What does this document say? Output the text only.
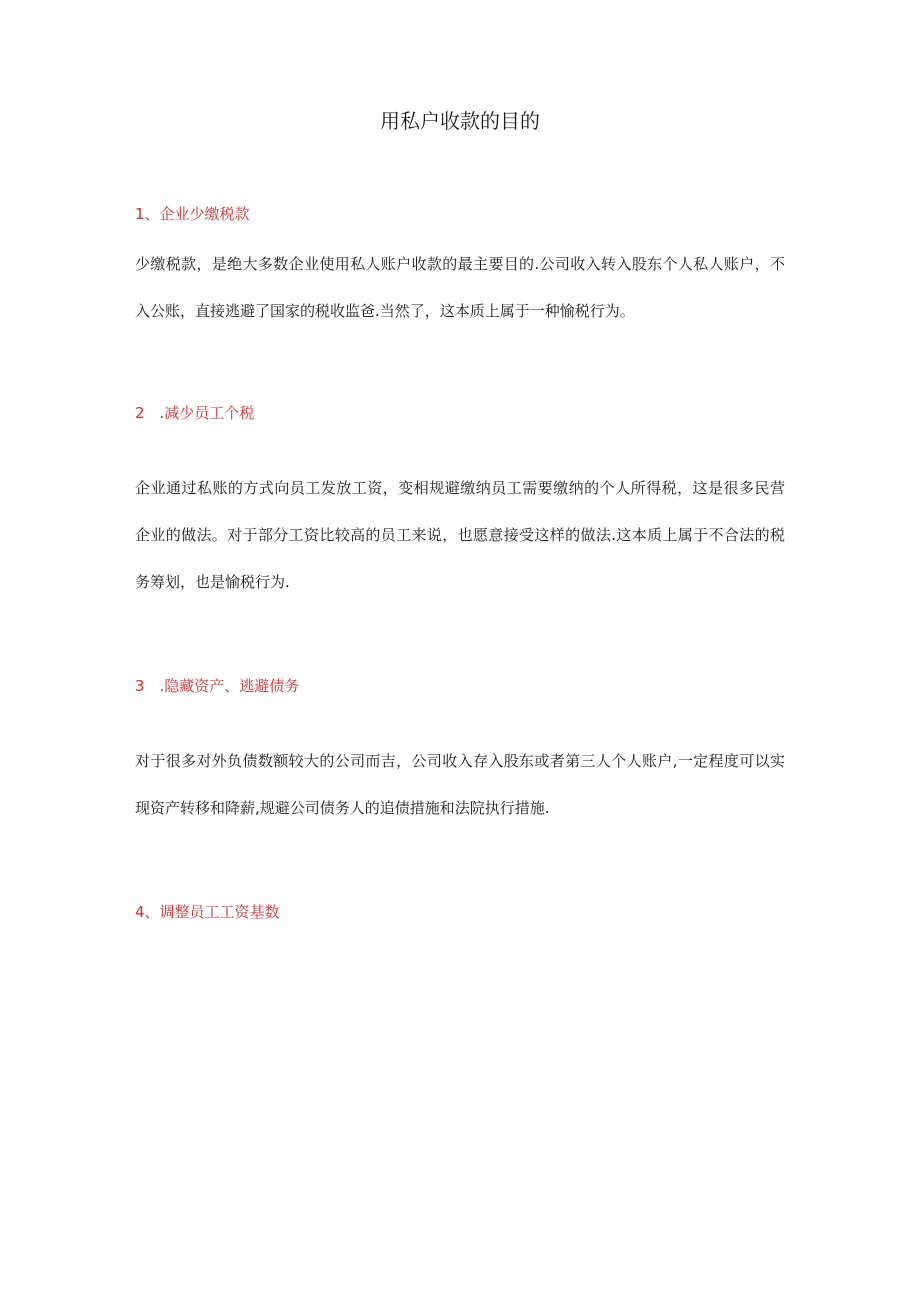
用私户收款的目的
1、企业少缴税款
少缴税款，是绝大多数企业使用私人账户收款的最主要目的.公司收入转入股东个人私人账户，不
入公账，直接逃避了国家的税收监爸.当然了，这本质上属于一种愉税行为。
2　.减少员工个税
企业通过私账的方式向员工发放工资，变相规避缴纳员工需要缴纳的个人所得税，这是很多民营
企业的做法。对于部分工资比较高的员工来说，也愿意接受这样的做法.这本质上属于不合法的税
务筹划，也是愉税行为.
3　.隐藏资产、逃避债务
对于很多对外负债数额较大的公司而吉，公司收入存入股东或者第三人个人账户,一定程度可以实
现资产转移和降薪,规避公司债务人的追债措施和法院执行措施.
4、调整员工工资基数
